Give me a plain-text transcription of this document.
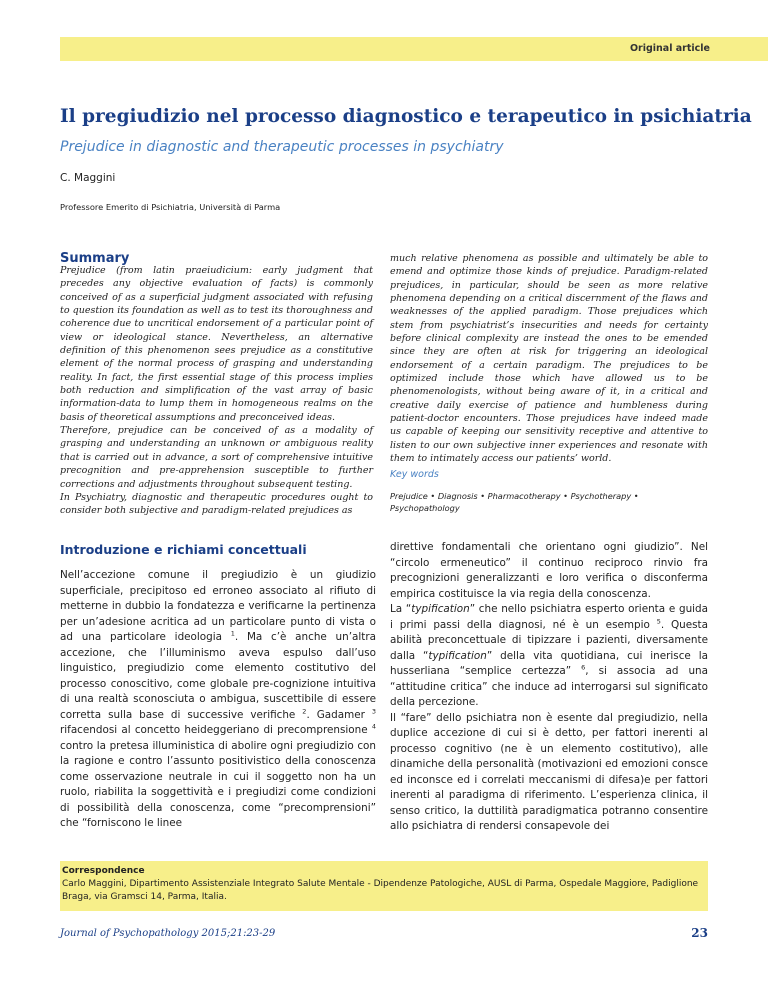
Original article
Il pregiudizio nel processo diagnostico e terapeutico in psichiatria
Prejudice in diagnostic and therapeutic processes in psychiatry
C. Maggini
Professore Emerito di Psichiatria, Università di Parma
Summary

Prejudice (from latin praeiudicium: early judgment that precedes any objective evaluation of facts) is commonly conceived of as a superficial judgment associated with refusing to question its foundation as well as to test its thoroughness and coherence due to uncritical endorsement of a particular point of view or ideological stance. Nevertheless, an alternative definition of this phenomenon sees prejudice as a constitutive element of the normal process of grasping and understanding reality. In fact, the first essential stage of this process implies both reduction and simplification of the vast array of basic information-data to lump them in homogeneous realms on the basis of theoretical assumptions and preconceived ideas.

Therefore, prejudice can be conceived of as a modality of grasping and understanding an unknown or ambiguous reality that is carried out in advance, a sort of comprehensive intuitive precognition and pre-apprehension susceptible to further corrections and adjustments throughout subsequent testing.

In Psychiatry, diagnostic and therapeutic procedures ought to consider both subjective and paradigm-related prejudices as

much relative phenomena as possible and ultimately be able to emend and optimize those kinds of prejudice. Paradigm-related prejudices, in particular, should be seen as more relative phenomena depending on a critical discernment of the flaws and weaknesses of the applied paradigm. Those prejudices which stem from psychiatrist’s insecurities and needs for certainty before clinical complexity are instead the ones to be emended since they are often at risk for triggering an ideological endorsement of a certain paradigm. The prejudices to be optimized include those which have allowed us to be phenomenologists, without being aware of it, in a critical and creative daily exercise of patience and humbleness during patient-doctor encounters. Those prejudices have indeed made us capable of keeping our sensitivity receptive and attentive to listen to our own subjective inner experiences and resonate with them to intimately access our patients’ world.

Key words
Prejudice • Diagnosis • Pharmacotherapy • Psychotherapy • Psychopathology
Introduzione e richiami concettuali

Nell’accezione comune il pregiudizio è un giudizio superficiale, precipitoso ed erroneo associato al rifiuto di metterne in dubbio la fondatezza e verificarne la pertinenza per un’adesione acritica ad un particolare punto di vista o ad una particolare ideologia $^1$. Ma c’è anche un’altra accezione, che l’illuminismo aveva espulso dall’uso linguistico, pregiudizio come elemento costitutivo del processo conoscitivo, come globale pre-cognizione intuitiva di una realtà sconosciuta o ambigua, suscettibile di essere corretta sulla base di successive verifiche $^2$. Gadamer $^3$ rifacendosi al concetto heideggeriano di precomprensione $^4$ contro la pretesa illuministica di abolire ogni pregiudizio con la ragione e contro l’assunto positivistico della conoscenza come osservazione neutrale in cui il soggetto non ha un ruolo, riabilita la soggettività e i pregiudizi come condizioni di possibilità della conoscenza, come “precomprensioni” che “forniscono le linee

direttive fondamentali che orientano ogni giudizio”. Nel “circolo ermeneutico” il continuo reciproco rinvio fra precognizioni generalizzanti e loro verifica o disconferma empirica costituisce la via regia della conoscenza.

La “typification” che nello psichiatra esperto orienta e guida i primi passi della diagnosi, né è un esempio $^5$. Questa abilità preconcettuale di tipizzare i pazienti, diversamente dalla “typification” della vita quotidiana, cui inerisce la husserliana “semplice certezza” $^6$, si associa ad una “attitudine critica” che induce ad interrogarsi sul significato della percezione.

Il “fare” dello psichiatra non è esente dal pregiudizio, nella duplice accezione di cui si è detto, per fattori inerenti al processo cognitivo (ne è un elemento costitutivo), alle dinamiche della personalità (motivazioni ed emozioni consce ed inconsce ed i correlati meccanismi di difesa)e per fattori inerenti al paradigma di riferimento. L’esperienza clinica, il senso critico, la duttilità paradigmatica potranno consentire allo psichiatra di rendersi consapevole dei

Correspondence
Carlo Maggini, Dipartimento Assistenziale Integrato Salute Mentale - Dipendenze Patologiche, AUSL di Parma, Ospedale Maggiore, Padiglione Braga, via Gramsci 14, Parma, Italia.
Journal of Psychopathology 2015;21:23-29	23
